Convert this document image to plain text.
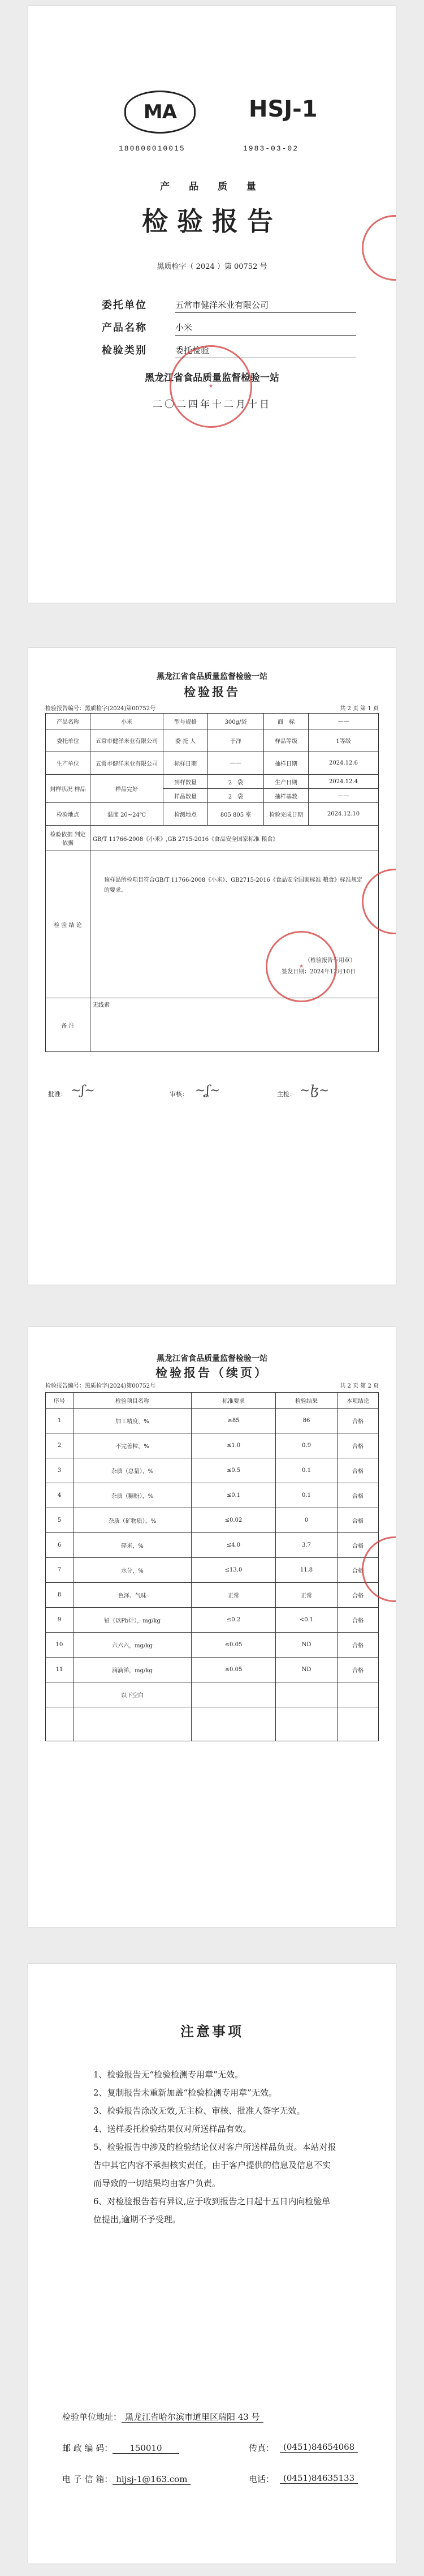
MA	HSJ-1
180800010015	1983-03-02
产 品 质 量
检验报告
黑质检字（ 2024 ）第 00752 号
委托单位	五常市健洋米业有限公司
产品名称	小米
检验类别	委托检验
黑龙江省食品质量监督检验一站
二〇二四年十二月十日
★
黑龙江省食品质量监督检验一站
检验报告
检验报告编号：黑质检字(2024)第00752号	共 2 页 第 1 页
产品名称	小米	型号规格	300g/袋	商　标	——
委托单位	五常市健洋米业有限公司	委 托 人	于洋	样品等级	1等级
生产单位	五常市健洋米业有限公司	标样日期	——	抽样日期	2024.12.6
封样状况 样品	样品完好	到样数量	2　袋	生产日期	2024.12.4
		样品数量	2　袋	抽样基数	——
检验地点	温度 20~24℃	检测地点	805 805 室	检验完成日期	2024.12.10
检验依据 判定依据	GB/T 11766-2008《小米》,GB 2715-2016《食品安全国家标准 粮食》				
检 验 结 论	该样品所检项目符合GB/T 11766-2008《小米》、GB2715-2016《食品安全国家标准 粮食》标准规定的要求。
（检验报告专用章）
签发日期：2024年12月10日				

备 注	无线索				
★
批准： ~ʃ~	审核： ~ʆ~	主检： ~ɮ~
黑龙江省食品质量监督检验一站
检验报告（续页）
检验报告编号：黑质检字(2024)第00752号	共 2 页 第 2 页
序号	检验项目名称	标准要求	检验结果	本项结论
1	加工精度，%	≥85	86	合格
2	不完善粒，%	≤1.0	0.9	合格
3	杂质（总量），%	≤0.5	0.1	合格
4	杂质（糠粉），%	≤0.1	0.1	合格
5	杂质（矿物质），%	≤0.02	0	合格
6	碎米，%	≤4.0	3.7	合格
7	水分，%	≤13.0	11.8	合格
8	色泽、气味	正常	正常	合格
9	铅（以Pb计），mg/kg	≤0.2	<0.1	合格
10	六六六，mg/kg	≤0.05	ND	合格
11	滴滴涕，mg/kg	≤0.05	ND	合格
	以下空白			

注意事项
1、检验报告无“检验检测专用章”无效。
2、复制报告未重新加盖“检验检测专用章”无效。
3、检验报告涂改无效,无主检、审核、批准人签字无效。
4、送样委托检验结果仅对所送样品有效。
5、检验报告中涉及的检验结论仅对客户所送样品负责。本站对报告中其它内容不承担核实责任，由于客户提供的信息及信息不实而导致的一切结果均由客户负责。
6、对检验报告若有异议,应于收到报告之日起十五日内向检验单位提出,逾期不予受理。
检验单位地址： 黑龙江省哈尔滨市道里区瑞阳 43 号
邮 政 编 码： 150010	传真：	(0451)84654068
电 子 信 箱： hljsj-1@163.com	电话：	(0451)84635133
